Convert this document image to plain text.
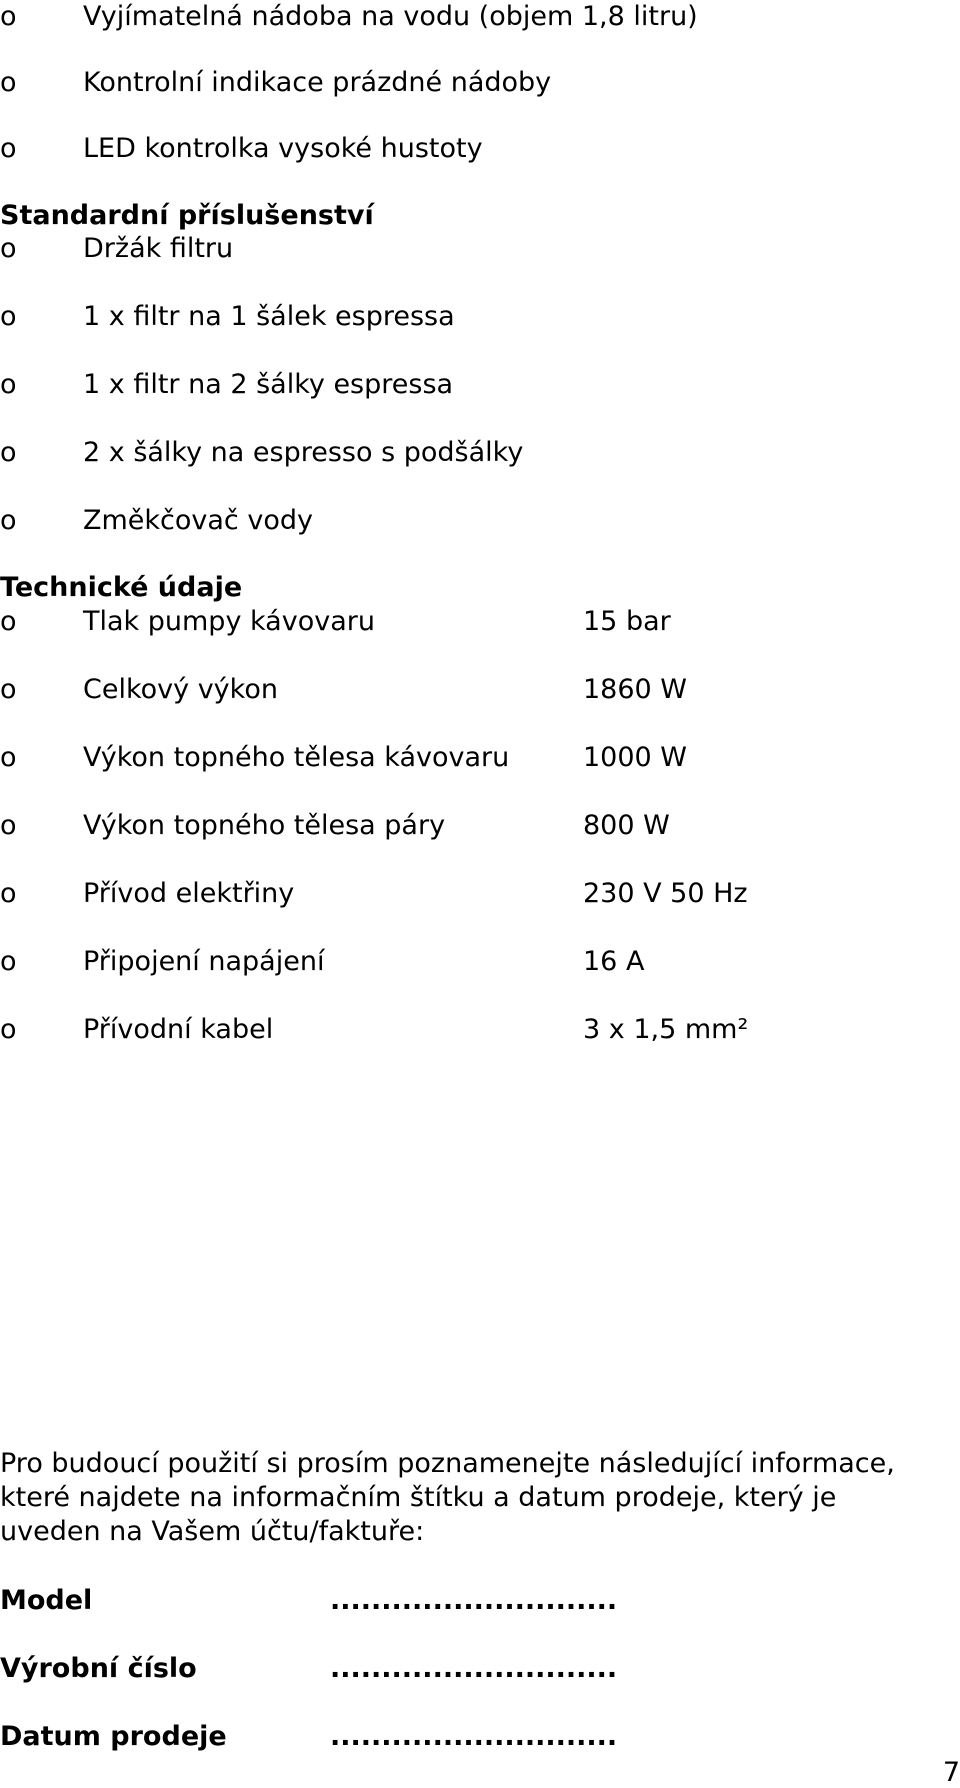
o	Vyjímatelná nádoba na vodu (objem 1,8 litru)
o	Kontrolní indikace prázdné nádoby
o	LED kontrolka vysoké hustoty
Standardní příslušenství
o	Držák filtru
o	1 x filtr na 1 šálek espressa
o	1 x filtr na 2 šálky espressa
o	2 x šálky na espresso s podšálky
o	Změkčovač vody
Technické údaje
o	Tlak pumpy kávovaru	15 bar
o	Celkový výkon	1860 W
o	Výkon topného tělesa kávovaru	1000 W
o	Výkon topného tělesa páry	800 W
o	Přívod elektřiny	230 V 50 Hz
o	Připojení napájení	16 A
o	Přívodní kabel	3 x 1,5 mm²
Pro budoucí použití si prosím poznamenejte následující informace,
které najdete na informačním štítku a datum prodeje, který je
uveden na Vašem účtu/faktuře:
Model	............................
Výrobní číslo	............................
Datum prodeje	............................
7
